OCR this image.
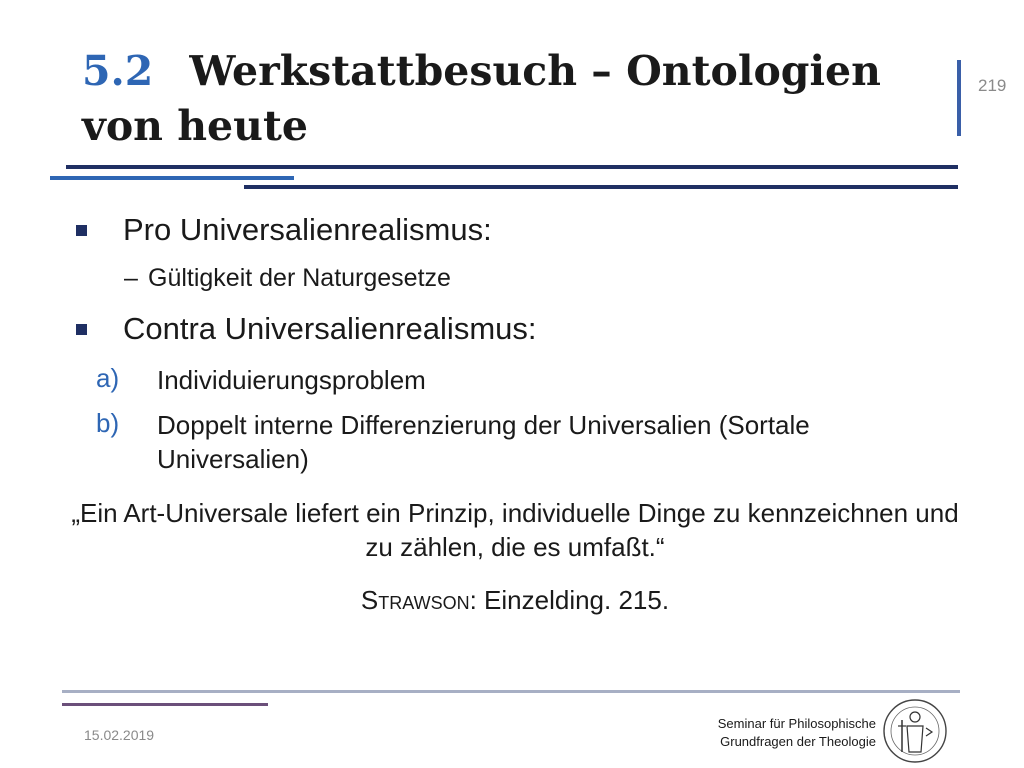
5.2 Werkstattbesuch – Ontologien von heute
219
Pro Universalienrealismus:
– Gültigkeit der Naturgesetze
Contra Universalienrealismus:
a) Individuierungsproblem
b) Doppelt interne Differenzierung der Universalien (Sortale Universalien)
„Ein Art-Universale liefert ein Prinzip, individuelle Dinge zu kennzeichnen und zu zählen, die es umfaßt.“
Strawson: Einzelding. 215.
15.02.2019
Seminar für Philosophische
Grundfragen der Theologie
